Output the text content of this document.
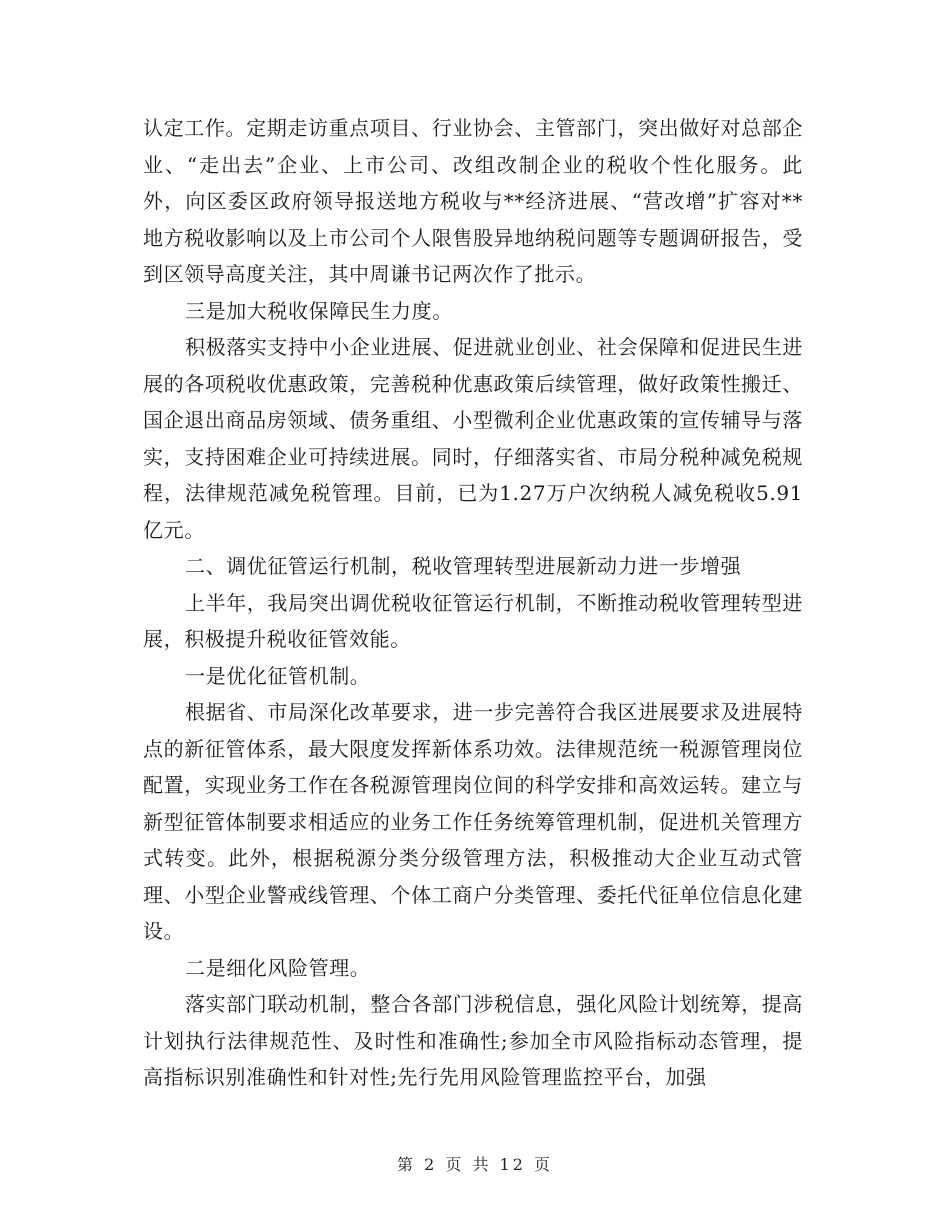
认定工作。定期走访重点项目、行业协会、主管部门，突出做好对总部企业、“走出去”企业、上市公司、改组改制企业的税收个性化服务。此外，向区委区政府领导报送地方税收与**经济进展、“营改增”扩容对**地方税收影响以及上市公司个人限售股异地纳税问题等专题调研报告，受到区领导高度关注，其中周谦书记两次作了批示。

三是加大税收保障民生力度。

积极落实支持中小企业进展、促进就业创业、社会保障和促进民生进展的各项税收优惠政策，完善税种优惠政策后续管理，做好政策性搬迁、国企退出商品房领域、债务重组、小型微利企业优惠政策的宣传辅导与落实，支持困难企业可持续进展。同时，仔细落实省、市局分税种减免税规程，法律规范减免税管理。目前，已为1.27万户次纳税人减免税收5.91亿元。

二、调优征管运行机制，税收管理转型进展新动力进一步增强

上半年，我局突出调优税收征管运行机制，不断推动税收管理转型进展，积极提升税收征管效能。

一是优化征管机制。

根据省、市局深化改革要求，进一步完善符合我区进展要求及进展特点的新征管体系，最大限度发挥新体系功效。法律规范统一税源管理岗位配置，实现业务工作在各税源管理岗位间的科学安排和高效运转。建立与新型征管体制要求相适应的业务工作任务统筹管理机制，促进机关管理方式转变。此外，根据税源分类分级管理方法，积极推动大企业互动式管理、小型企业警戒线管理、个体工商户分类管理、委托代征单位信息化建设。

二是细化风险管理。

落实部门联动机制，整合各部门涉税信息，强化风险计划统筹，提高计划执行法律规范性、及时性和准确性;参加全市风险指标动态管理，提高指标识别准确性和针对性;先行先用风险管理监控平台，加强

第 2 页 共 12 页
